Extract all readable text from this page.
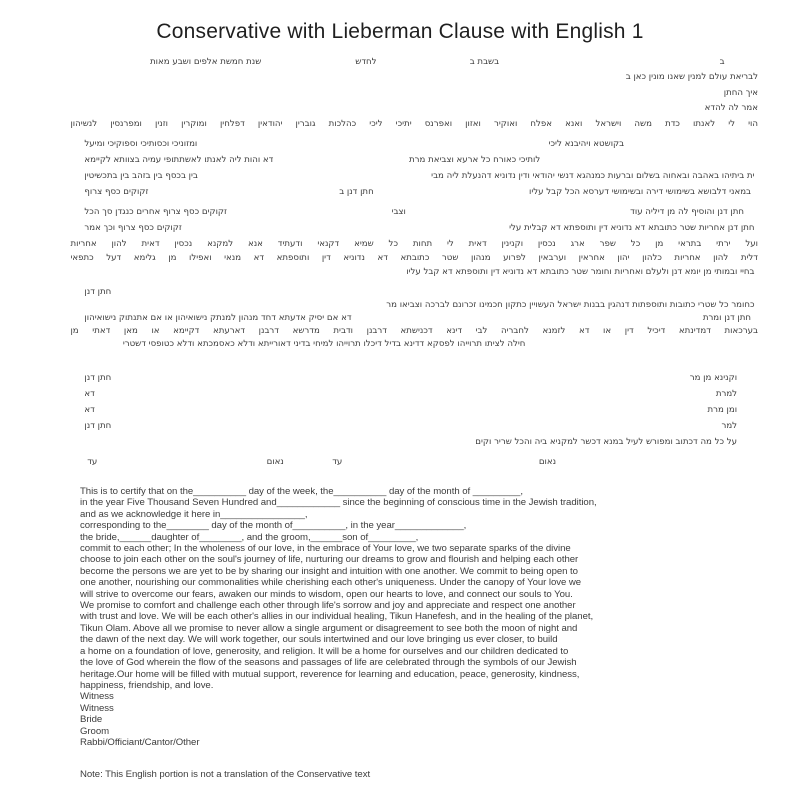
Conservative with Lieberman Clause with English 1
ב
בשבת ב
לחדש
שנת חמשת אלפים ושבע מאות
לבריאת עולם למנין שאנו מונין כאן ב
איך החתן
אמר לה להדא
הוי לי לאנתו כדת משה וישראל ואנא אפלח ואוקיר ואזון ואפרנס יתיכי ליכי כהלכות גוברין יהודאין דפלחין ומוקרין וזנין ומפרנסין לנשיהון
בקושטא ויהיבנא ליכי
ומזוניכי וכסותיכי וספוקיכי ומיעל
לותיכי כאורח כל ארעא וצביאת מרת
דא והות ליה לאנתו לאשתתופי עמיה בצוותא לקיימא
ית ביתיהו באהבה ובאחוה בשלום וברעות כמנהגא דנשי יהודאי ודין נדוניא דהנעלת ליה מבי
בין בכסף בין בזהב בין בתכשיטין
במאני דלבושא בשימושי דירה ובשימושי דערסא הכל קבל עליו
חתן דנן ב
זקוקים כסף צרוף
חתן דנן והוסיף לה מן דיליה עוד
וצבי
זקוקים כסף צרוף אחרים כנגדן סך הכל
חתן דנן אחריות שטר כתובתא דא נדוניא דין ותוספתא דא קבלית עלי
זקוקים כסף צרוף וכך אמר
ועל ירתי בתראי מן כל שפר ארג נכסין וקנינין דאית לי תחות כל שמיא דקנאי ודעתיד אנא למקנא נכסין דאית להון אחריות
דלית להון אחריות כלהון יהון אחראין וערבאין לפרוע מנהון שטר כתובתא דא נדוניא דין ותוספתא דא מנאי ואפילו מן גלימא דעל כתפאי
בחיי ובמותי מן יומא דנן ולעלם ואחריות וחומר שטר כתובתא דא נדוניא דין ותוספתא דא קבל עליו
חתן דנן
כחומר כל שטרי כתובות ותוספתות דנהגין בבנות ישראל העשויין כתקון חכמינו זכרונם לברכה וצביאו מר
חתן דנן ומרת
דא אם יסיק אדעתא דחד מנהון למנתק נישואיהון או אם אתנתוק נישואיהון
בערכאות דמדינתא דיכיל דין או דא לזמנא לחבריה לבי דינא דכנישתא דרבנן ודבית מדרשא דרבנן דארעתא דקיימא או מאן דאתי מן
חילה לציתו תרוייהו לפסקא דדינא בדיל דיכלו תרוייהו למיחי בדיני דאורייתא ודלא כאסמכתא ודלא כטופסי דשטרי
וקנינא מן מר
חתן דנן
למרת
דא
ומן מרת
דא
למר
חתן דנן
על כל מה דכתוב ומפורש לעיל במנא דכשר למקניא ביה והכל שריר וקים
נאום
עד
נאום
עד
This is to certify that on the__________ day of the week, the__________ day of the month of _________,
in the year Five Thousand Seven Hundred and____________ since the beginning of conscious time in the Jewish tradition,
and as we acknowledge it here in________________,
corresponding to the________ day of the month of__________, in the year_____________,
the bride,______daughter of________, and the groom,______son of_________,
commit to each other; In the wholeness of our love, in the embrace of Your love, we two separate sparks of the divine
choose to join each other on the soul's journey of life, nurturing our dreams to grow and flourish and helping each other
become the persons we are yet to be by sharing our insight and intuition with one another. We commit to being open to
one another, nourishing our commonalities while cherishing each other's uniqueness. Under the canopy of Your love we
will strive to overcome our fears, awaken our minds to wisdom, open our hearts to love, and connect our souls to You.
We promise to comfort and challenge each other through life's sorrow and joy and appreciate and respect one another
with trust and love. We will be each other's allies in our individual healing, Tikun Hanefesh, and in the healing of the planet,
Tikun Olam. Above all we promise to never allow a single argument or disagreement to see both the moon of night and
the dawn of the next day. We will work together, our souls intertwined and our love bringing us ever closer, to build
a home on a foundation of love, generosity, and religion. It will be a home for ourselves and our children dedicated to
the love of God wherein the flow of the seasons and passages of life are celebrated through the symbols of our Jewish
heritage.Our home will be filled with mutual support, reverence for learning and education, peace, generosity, kindness,
happiness, friendship, and love.
Witness
Witness
Bride
Groom
Rabbi/Officiant/Cantor/Other
Note: This English portion is not a translation of the Conservative text
